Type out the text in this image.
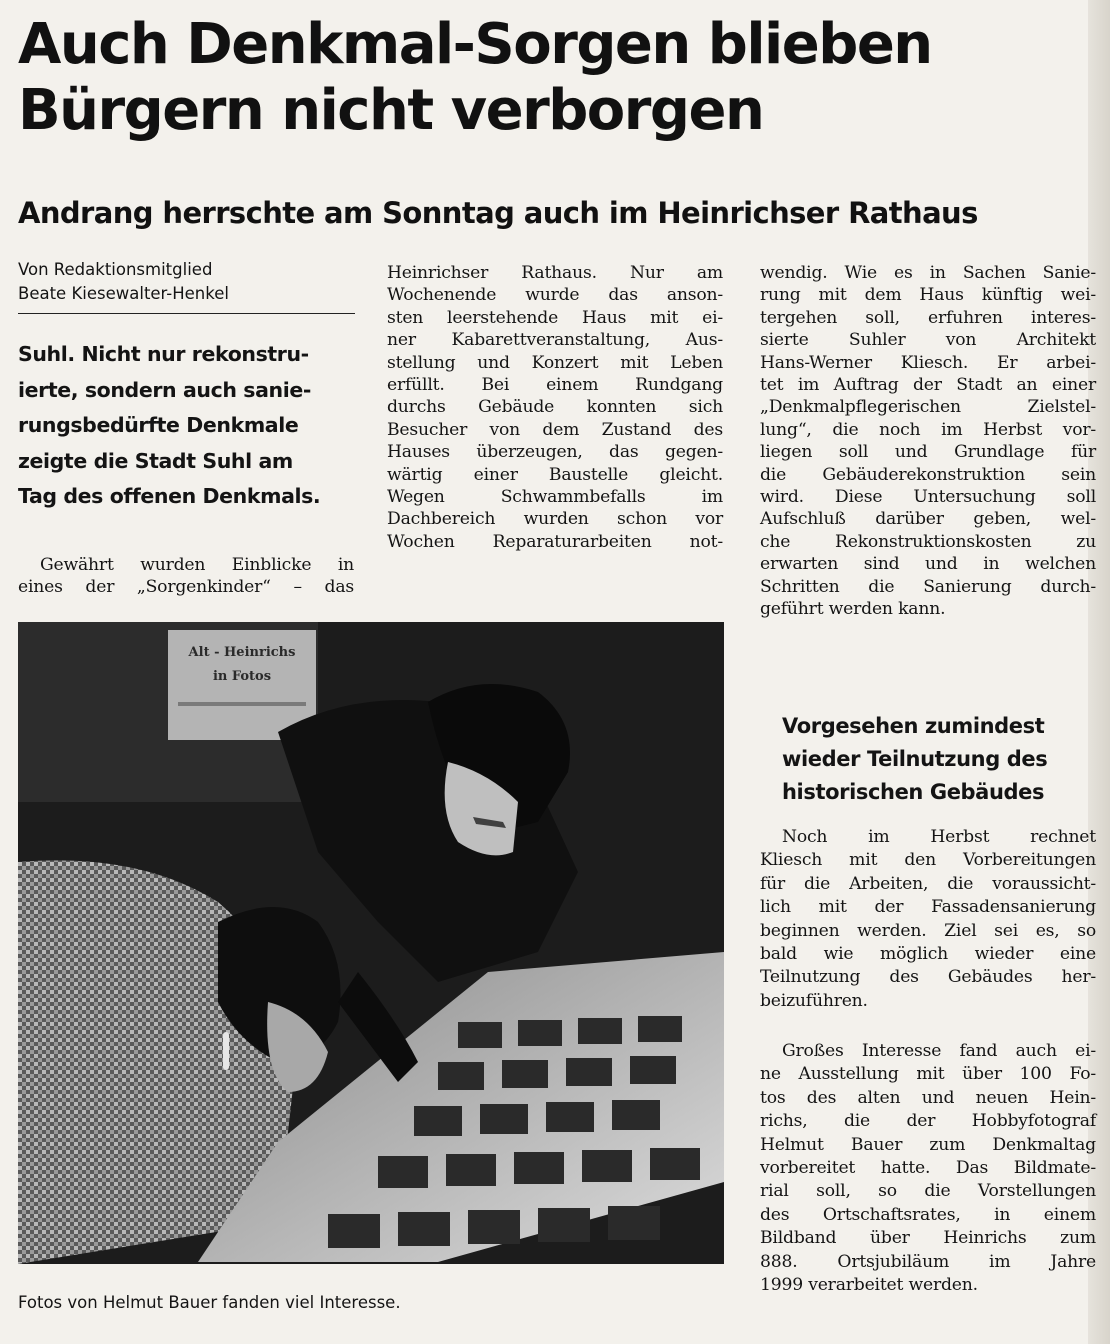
Auch Denkmal-Sorgen blieben
Bürgern nicht verborgen
Andrang herrschte am Sonntag auch im Heinrichser Rathaus
Von Redaktionsmitglied
Beate Kiesewalter-Henkel
Suhl. Nicht nur rekonstru-
ierte, sondern auch sanie-
rungsbedürfte Denkmale
zeigte die Stadt Suhl am
Tag des offenen Denkmals.
Gewährt wurden Einblicke in
eines der „Sorgenkinder“ – das
Heinrichser Rathaus. Nur am
Wochenende wurde das anson-
sten leerstehende Haus mit ei-
ner Kabarettveranstaltung, Aus-
stellung und Konzert mit Leben
erfüllt. Bei einem Rundgang
durchs Gebäude konnten sich
Besucher von dem Zustand des
Hauses überzeugen, das gegen-
wärtig einer Baustelle gleicht.
Wegen Schwammbefalls im
Dachbereich wurden schon vor
Wochen Reparaturarbeiten not-
wendig. Wie es in Sachen Sanie-
rung mit dem Haus künftig wei-
tergehen soll, erfuhren interes-
sierte Suhler von Architekt
Hans-Werner Kliesch. Er arbei-
tet im Auftrag der Stadt an einer
„Denkmalpflegerischen Zielstel-
lung“, die noch im Herbst vor-
liegen soll und Grundlage für
die Gebäuderekonstruktion sein
wird. Diese Untersuchung soll
Aufschluß darüber geben, wel-
che Rekonstruktionskosten zu
erwarten sind und in welchen
Schritten die Sanierung durch-
geführt werden kann.
Vorgesehen zumindest
wieder Teilnutzung des
historischen Gebäudes
Noch im Herbst rechnet
Kliesch mit den Vorbereitungen
für die Arbeiten, die voraussicht-
lich mit der Fassadensanierung
beginnen werden. Ziel sei es, so
bald wie möglich wieder eine
Teilnutzung des Gebäudes her-
beizuführen.
Großes Interesse fand auch ei-
ne Ausstellung mit über 100 Fo-
tos des alten und neuen Hein-
richs, die der Hobbyfotograf
Helmut Bauer zum Denkmaltag
vorbereitet hatte. Das Bildmate-
rial soll, so die Vorstellungen
des Ortschaftsrates, in einem
Bildband über Heinrichs zum
888. Ortsjubiläum im Jahre
1999 verarbeitet werden.
Alt - Heinrichs
in Fotos
Fotos von Helmut Bauer fanden viel Interesse.
